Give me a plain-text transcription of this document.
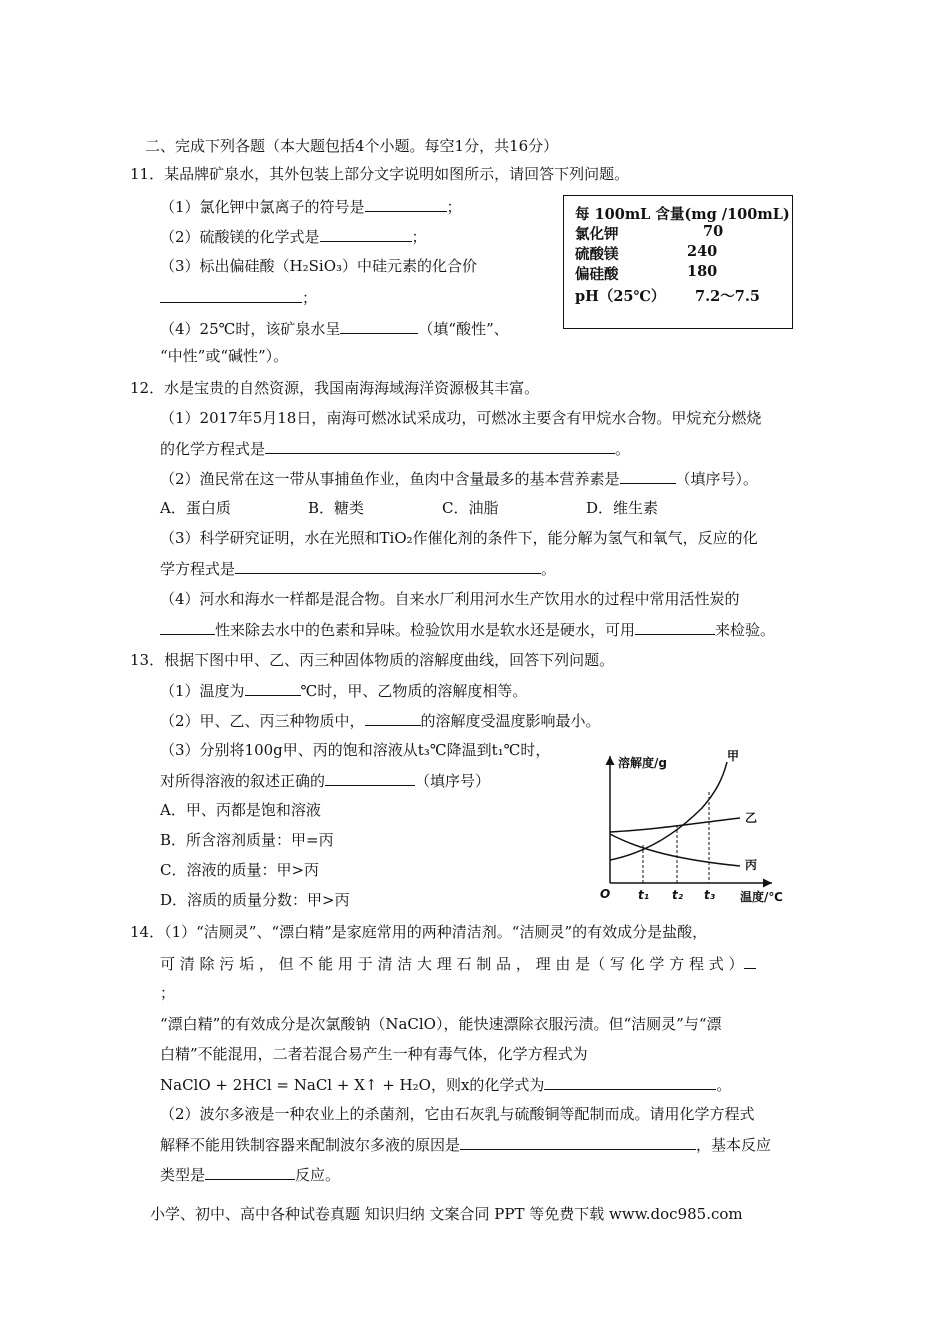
二、完成下列各题（本大题包括4个小题。每空1分，共16分）
11．某品牌矿泉水，其外包装上部分文字说明如图所示，请回答下列问题。
（1）氯化钾中氯离子的符号是	；
（2）硫酸镁的化学式是	；
（3）标出偏硅酸（H₂SiO₃）中硅元素的化合价
；
（4）25℃时，该矿泉水呈	（填“酸性”、
“中性”或“碱性”）。
每 100mL 含量(mg /100mL)
氯化钾	70
硫酸镁	240
偏硅酸	180
pH（25℃） 7.2～7.5
12．水是宝贵的自然资源，我国南海海域海洋资源极其丰富。
（1）2017年5月18日，南海可燃冰试采成功，可燃冰主要含有甲烷水合物。甲烷充分燃烧
的化学方程式是	。
（2）渔民常在这一带从事捕鱼作业，鱼肉中含量最多的基本营养素是	（填序号）。
A．蛋白质	B．糖类	C．油脂	D．维生素
（3）科学研究证明，水在光照和TiO₂作催化剂的条件下，能分解为氢气和氧气，反应的化
学方程式是	。
（4）河水和海水一样都是混合物。自来水厂利用河水生产饮用水的过程中常用活性炭的
性来除去水中的色素和异味。检验饮用水是软水还是硬水，可用	来检验。
13．根据下图中甲、乙、丙三种固体物质的溶解度曲线，回答下列问题。
（1）温度为	℃时，甲、乙物质的溶解度相等。
（2）甲、乙、丙三种物质中，	的溶解度受温度影响最小。
（3）分别将100g甲、丙的饱和溶液从t₃℃降温到t₁℃时，
对所得溶液的叙述正确的	（填序号）
A．甲、丙都是饱和溶液
B．所含溶剂质量：甲=丙
C．溶液的质量：甲>丙
D．溶质的质量分数：甲>丙
溶解度/g
温度/℃
O
甲
乙
丙
t₁ t₂ t₃
14．（1）“洁厕灵”、“漂白精”是家庭常用的两种清洁剂。“洁厕灵”的有效成分是盐酸，
可 清 除 污 垢 ， 但 不 能 用 于 清 洁 大 理 石 制 品 ， 理 由 是（ 写 化 学 方 程 式 ）
；
“漂白精”的有效成分是次氯酸钠（NaClO），能快速漂除衣服污渍。但“洁厕灵”与“漂
白精”不能混用，二者若混合易产生一种有毒气体，化学方程式为
NaClO + 2HCl = NaCl + X↑ + H₂O，则x的化学式为	。
（2）波尔多液是一种农业上的杀菌剂，它由石灰乳与硫酸铜等配制而成。请用化学方程式
解释不能用铁制容器来配制波尔多液的原因是	，基本反应
类型是	反应。
小学、初中、高中各种试卷真题 知识归纳 文案合同 PPT 等免费下载 www.doc985.com
